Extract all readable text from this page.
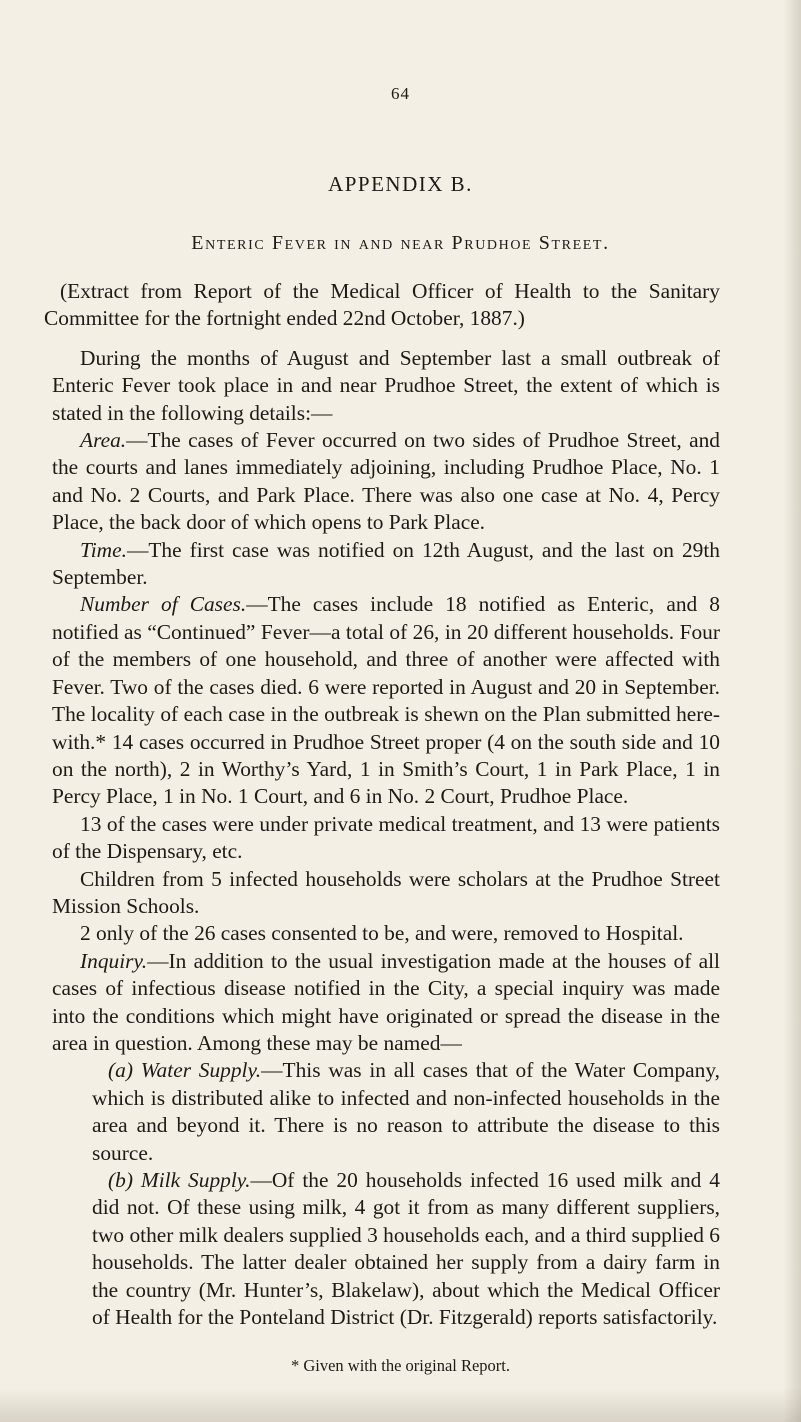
64
APPENDIX B.
Enteric Fever in and near Prudhoe Street.

(Extract from Report of the Medical Officer of Health to the Sanitary Committee for the fortnight ended 22nd October, 1887.)

During the months of August and September last a small outbreak of Enteric Fever took place in and near Prudhoe Street, the extent of which is stated in the following details:—

Area.—The cases of Fever occurred on two sides of Prudhoe Street, and the courts and lanes immediately adjoining, including Prudhoe Place, No. 1 and No. 2 Courts, and Park Place. There was also one case at No. 4, Percy Place, the back door of which opens to Park Place.

Time.—The first case was notified on 12th August, and the last on 29th September.

Number of Cases.—The cases include 18 notified as Enteric, and 8 notified as “Continued” Fever—a total of 26, in 20 different households. Four of the members of one household, and three of another were affected with Fever. Two of the cases died. 6 were reported in August and 20 in September. The locality of each case in the outbreak is shewn on the Plan submitted here-with.* 14 cases occurred in Prudhoe Street proper (4 on the south side and 10 on the north), 2 in Worthy’s Yard, 1 in Smith’s Court, 1 in Park Place, 1 in Percy Place, 1 in No. 1 Court, and 6 in No. 2 Court, Prudhoe Place.

13 of the cases were under private medical treatment, and 13 were patients of the Dispensary, etc.

Children from 5 infected households were scholars at the Prudhoe Street Mission Schools.

2 only of the 26 cases consented to be, and were, removed to Hospital.

Inquiry.—In addition to the usual investigation made at the houses of all cases of infectious disease notified in the City, a special inquiry was made into the conditions which might have originated or spread the disease in the area in question. Among these may be named—

(a) Water Supply.—This was in all cases that of the Water Company, which is distributed alike to infected and non-infected households in the area and beyond it. There is no reason to attribute the disease to this source.

(b) Milk Supply.—Of the 20 households infected 16 used milk and 4 did not. Of these using milk, 4 got it from as many different suppliers, two other milk dealers supplied 3 households each, and a third supplied 6 households. The latter dealer obtained her supply from a dairy farm in the country (Mr. Hunter’s, Blakelaw), about which the Medical Officer of Health for the Ponteland District (Dr. Fitzgerald) reports satisfactorily.

* Given with the original Report.
